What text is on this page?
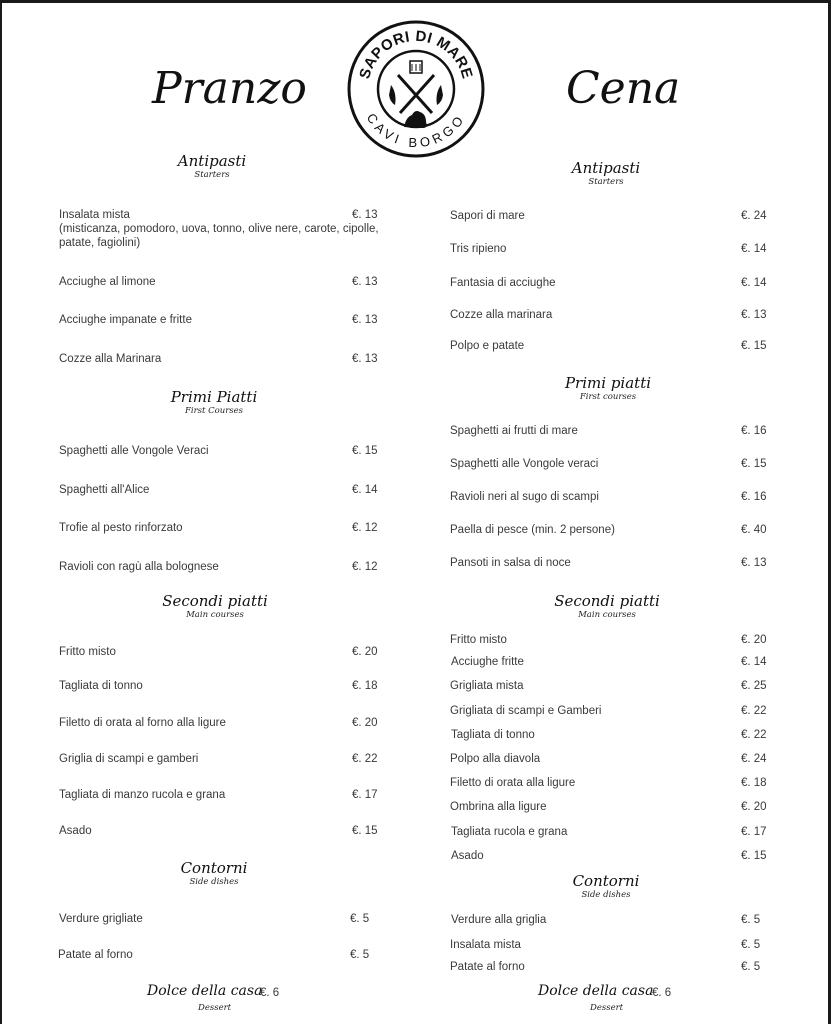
SAPORI DI MARE
CAVI BORGO
Pranzo	Cena
Antipasti
Starters
Insalata mista	€. 13
(misticanza, pomodoro, uova, tonno, olive nere, carote, cipolle, patate, fagiolini)
Acciughe al limone	€. 13
Acciughe impanate e fritte	€. 13
Cozze alla Marinara	€. 13
Primi Piatti
First Courses
Spaghetti alle Vongole Veraci	€. 15
Spaghetti all'Alice	€. 14
Trofie al pesto rinforzato	€. 12
Ravioli con ragù alla bolognese	€. 12
Secondi piatti
Main courses
Fritto misto	€. 20
Tagliata di tonno	€. 18
Filetto di orata al forno alla ligure	€. 20
Griglia di scampi e gamberi	€. 22
Tagliata di manzo rucola e grana	€. 17
Asado	€. 15
Contorni
Side dishes
Verdure grigliate	€. 5
Patate al forno	€. 5
Dolce della casa
€. 6
Dessert
Antipasti
Starters
Sapori di mare	€. 24
Tris ripieno	€. 14
Fantasia di acciughe	€. 14
Cozze alla marinara	€. 13
Polpo e patate	€. 15
Primi piatti
First courses
Spaghetti ai frutti di mare	€. 16
Spaghetti alle Vongole veraci	€. 15
Ravioli neri al sugo di scampi	€. 16
Paella di pesce (min. 2 persone)	€. 40
Pansoti in salsa di noce	€. 13
Secondi piatti
Main courses
Fritto misto	€. 20
Acciughe fritte	€. 14
Grigliata mista	€. 25
Grigliata di scampi e Gamberi	€. 22
Tagliata di tonno	€. 22
Polpo alla diavola	€. 24
Filetto di orata alla ligure	€. 18
Ombrina alla ligure	€. 20
Tagliata rucola e grana	€. 17
Asado	€. 15
Contorni
Side dishes
Verdure alla griglia	€. 5
Insalata mista	€. 5
Patate al forno	€. 5
Dolce della casa
€. 6
Dessert
